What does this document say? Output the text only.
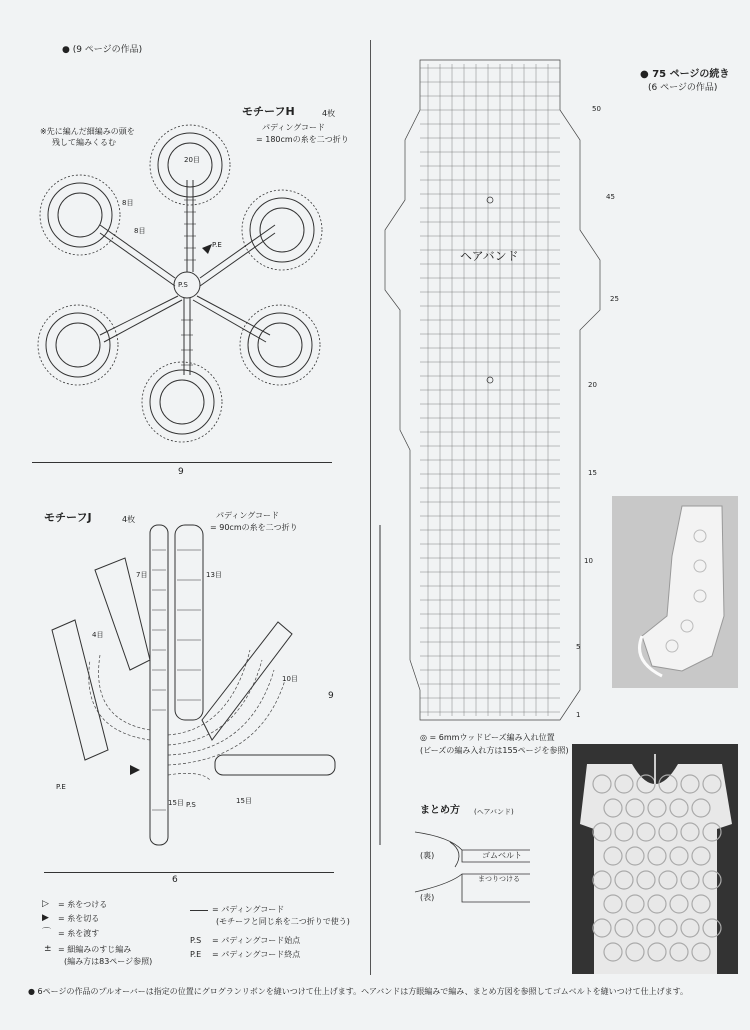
● (9 ページの作品)
● 75 ページの続き
(6 ページの作品)
モチーフH	4枚
パディングコード
= 180cmの糸を二つ折り
※先に編んだ細編みの頭を
残して編みくるむ
20目
8目
8目
P.S
P.E
9
モチーフJ	4枚	パディングコード
= 90cmの糸を二つ折り
7目	13目
4目
10目
15目	15目
P.S
P.E
9
6
▷ = 糸をつける
▶ = 糸を切る
⌒ = 糸を渡す
± = 細編みのすじ編み
(編み方は83ページ参照)
= パディングコード
(モチーフと同じ糸を二つ折りで使う)
P.S = パディングコード始点
P.E = パディングコード終点
ヘアバンド
50
45
25
20
15
10
5
1
◎ = 6mmウッドビーズ編み入れ位置
(ビーズの編み入れ方は155ページを参照)
まとめ方 (ヘアバンド)
(裏)
(表)
ゴムベルト
まつりつける
● 6ページの作品のプルオーバーは指定の位置にグログランリボンを縫いつけて仕上げます。ヘアバンドは方眼編みで編み、まとめ方図を参照してゴムベルトを縫いつけて仕上げます。
